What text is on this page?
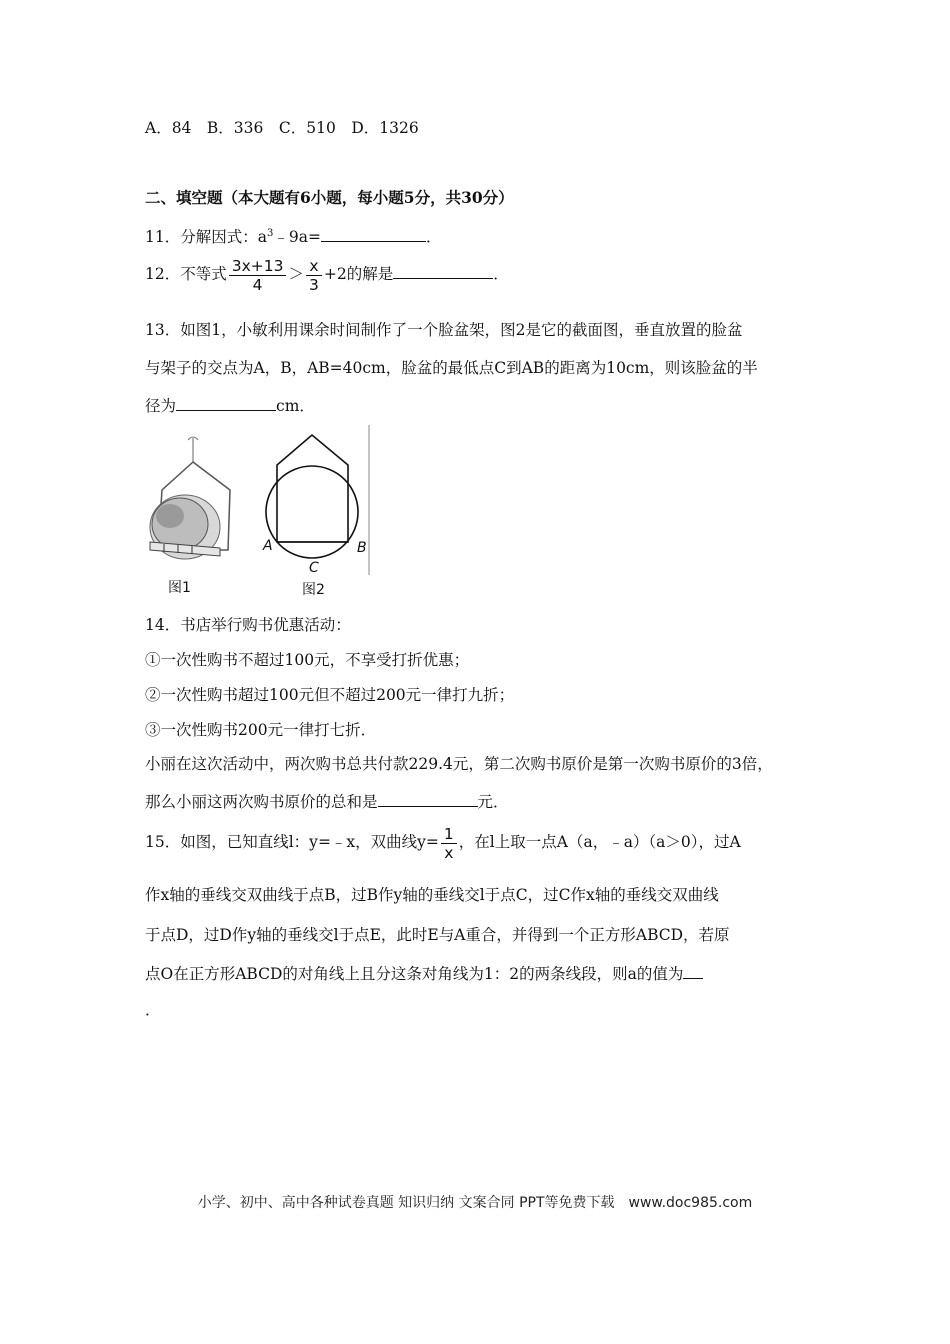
A．84　B．336　C．510　D．1326
二、填空题（本大题有6小题，每小题5分，共30分）
11．分解因式：$a^3﹣9a=$	．
12．不等式 $\frac{3x+13}{4} > \frac{x}{3} +2$的解是	．
13．如图1，小敏利用课余时间制作了一个脸盆架，图2是它的截面图，垂直放置的脸盆
与架子的交点为A，B，AB=40cm，脸盆的最低点C到AB的距离为10cm，则该脸盆的半
径为	cm．
图1
A	B
C
图2
14．书店举行购书优惠活动：
①一次性购书不超过100元，不享受打折优惠；
②一次性购书超过100元但不超过200元一律打九折；
③一次性购书200元一律打七折．
小丽在这次活动中，两次购书总共付款229.4元，第二次购书原价是第一次购书原价的3倍，
那么小丽这两次购书原价的总和是	元．
15．如图，已知直线l：y=﹣x，双曲线$y= \frac{1}{x}$ ，在l上取一点A（a，﹣a）（a＞0），过A
作x轴的垂线交双曲线于点B，过B作y轴的垂线交l于点C，过C作x轴的垂线交双曲线
于点D，过D作y轴的垂线交l于点E，此时E与A重合，并得到一个正方形ABCD，若原
点O在正方形ABCD的对角线上且分这条对角线为1：2的两条线段，则a的值为
．
小学、初中、高中各种试卷真题 知识归纳 文案合同 PPT等免费下载　www.doc985.com
